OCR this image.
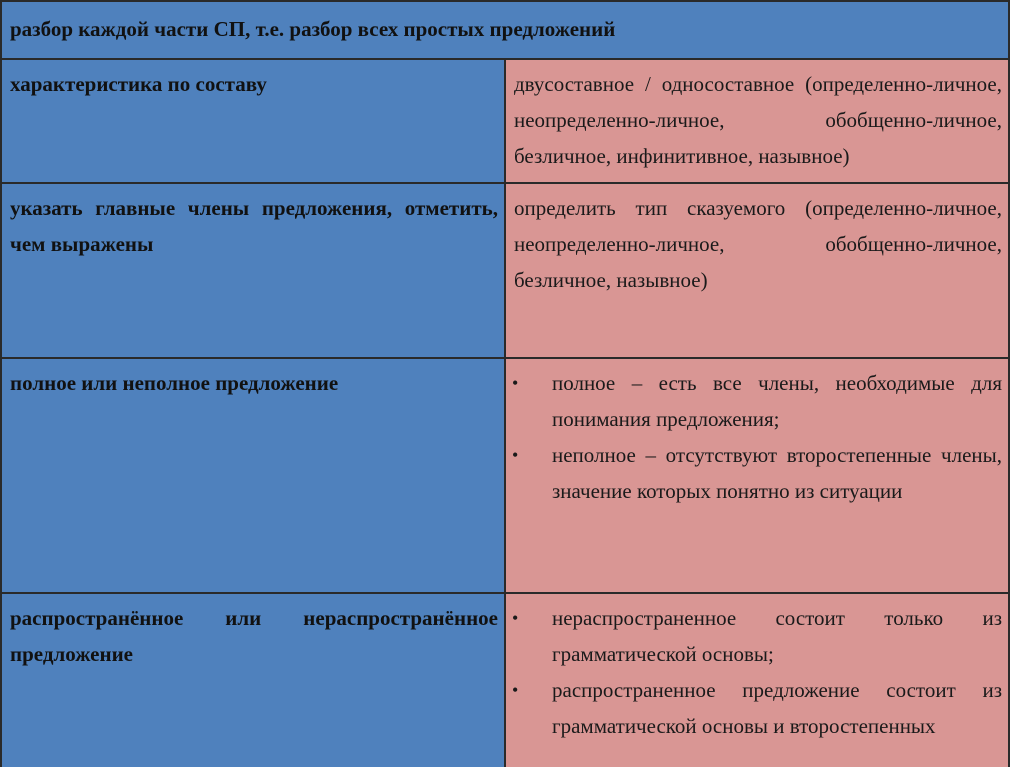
разбор каждой части СП, т.е. разбор всех простых предложений	
характеристика по составу	двусоставное / односоставное (определенно-личное, неопределенно-личное, обобщенно-личное, безличное, инфинитивное, назывное)
указать главные члены предложения, отметить, чем выражены	определить тип сказуемого (определенно-личное, неопределенно-личное, обобщенно-личное, безличное, назывное)
полное или неполное предложение	• полное – есть все члены, необходимые для понимания предложения;
• неполное – отсутствуют второстепенные члены, значение которых понятно из ситуации

распространённое или нераспространённое предложение	• нераспространенное состоит только из грамматической основы;
• распространенное предложение состоит из грамматической основы и второстепенных
